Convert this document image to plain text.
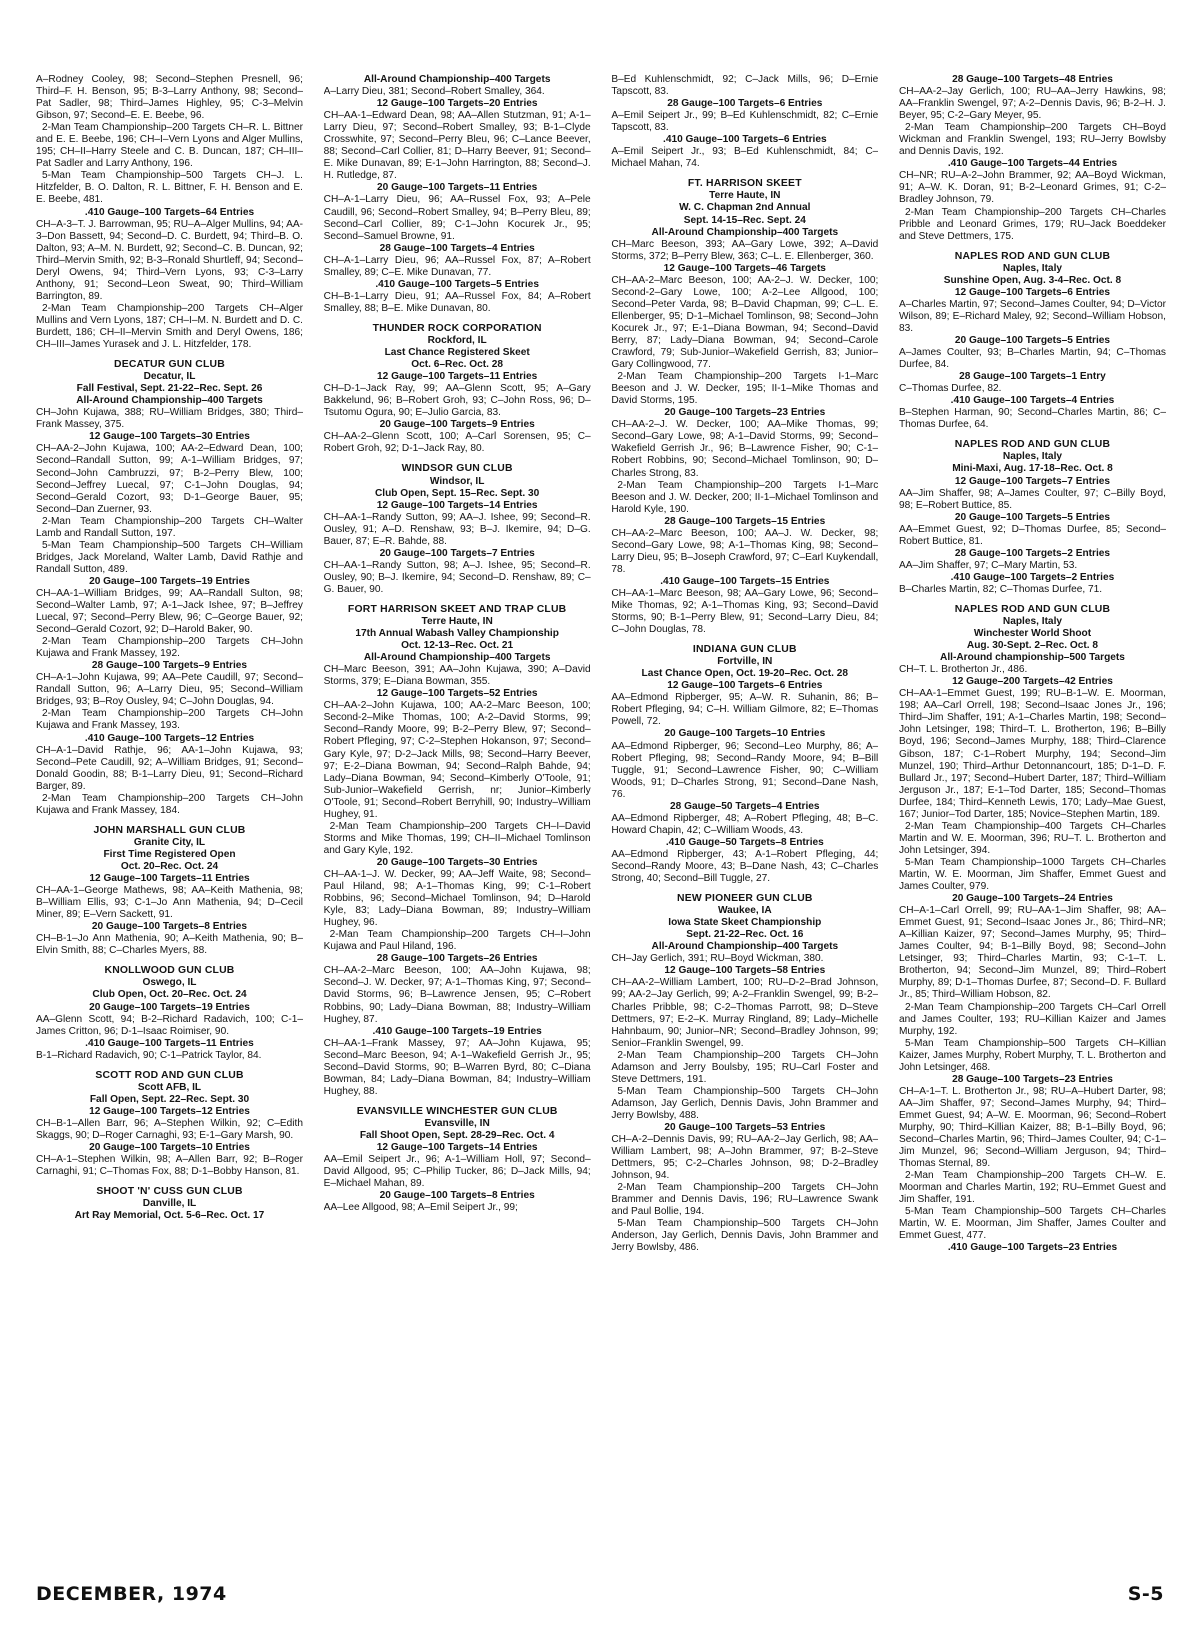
A–Rodney Cooley, 98; Second–Stephen Presnell, 96; Third–F. H. Benson, 95; B-3–Larry Anthony, 98; Second–Pat Sadler, 98; Third–James Highley, 95; C-3–Melvin Gibson, 97; Second–E. E. Beebe, 96.

2-Man Team Championship–200 Targets CH–R. L. Bittner and E. E. Beebe, 196; CH–I–Vern Lyons and Alger Mullins, 195; CH–II–Harry Steele and C. B. Duncan, 187; CH–III–Pat Sadler and Larry Anthony, 196.

5-Man Team Championship–500 Targets CH–J. L. Hitzfelder, B. O. Dalton, R. L. Bittner, F. H. Benson and E. E. Beebe, 481.

.410 Gauge–100 Targets–64 Entries

CH–A-3–T. J. Barrowman, 95; RU–A–Alger Mullins, 94; AA-3–Don Bassett, 94; Second–D. C. Burdett, 94; Third–B. O. Dalton, 93; A–M. N. Burdett, 92; Second–C. B. Duncan, 92; Third–Mervin Smith, 92; B-3–Ronald Shurtleff, 94; Second–Deryl Owens, 94; Third–Vern Lyons, 93; C-3–Larry Anthony, 91; Second–Leon Sweat, 90; Third–William Barrington, 89.

2-Man Team Championship–200 Targets CH–Alger Mullins and Vern Lyons, 187; CH–I–M. N. Burdett and D. C. Burdett, 186; CH–II–Mervin Smith and Deryl Owens, 186; CH–III–James Yurasek and J. L. Hitzfelder, 178.

DECATUR GUN CLUB

Decatur, IL

Fall Festival, Sept. 21-22–Rec. Sept. 26

All-Around Championship–400 Targets

CH–John Kujawa, 388; RU–William Bridges, 380; Third–Frank Massey, 375.

12 Gauge–100 Targets–30 Entries

CH–AA-2–John Kujawa, 100; AA-2–Edward Dean, 100; Second–Randall Sutton, 99; A-1–William Bridges, 97; Second–John Cambruzzi, 97; B-2–Perry Blew, 100; Second–Jeffrey Luecal, 97; C-1–John Douglas, 94; Second–Gerald Cozort, 93; D-1–George Bauer, 95; Second–Dan Zuerner, 93.

2-Man Team Championship–200 Targets CH–Walter Lamb and Randall Sutton, 197.

5-Man Team Championship–500 Targets CH–William Bridges, Jack Moreland, Walter Lamb, David Rathje and Randall Sutton, 489.

20 Gauge–100 Targets–19 Entries

CH–AA-1–William Bridges, 99; AA–Randall Sulton, 98; Second–Walter Lamb, 97; A-1–Jack Ishee, 97; B–Jeffrey Luecal, 97; Second–Perry Blew, 96; C–George Bauer, 92; Second–Gerald Cozort, 92; D–Harold Baker, 90.

2-Man Team Championship–200 Targets CH–John Kujawa and Frank Massey, 192.

28 Gauge–100 Targets–9 Entries

CH–A-1–John Kujawa, 99; AA–Pete Caudill, 97; Second–Randall Sutton, 96; A–Larry Dieu, 95; Second–William Bridges, 93; B–Roy Ousley, 94; C–John Douglas, 94.

2-Man Team Championship–200 Targets CH–John Kujawa and Frank Massey, 193.

.410 Gauge–100 Targets–12 Entries

CH–A-1–David Rathje, 96; AA-1–John Kujawa, 93; Second–Pete Caudill, 92; A–William Bridges, 91; Second–Donald Goodin, 88; B-1–Larry Dieu, 91; Second–Richard Barger, 89.

2-Man Team Championship–200 Targets CH–John Kujawa and Frank Massey, 184.

JOHN MARSHALL GUN CLUB

Granite City, IL

First Time Registered Open

Oct. 20–Rec. Oct. 24

12 Gauge–100 Targets–11 Entries

CH–AA-1–George Mathews, 98; AA–Keith Mathenia, 98; B–William Ellis, 93; C-1–Jo Ann Mathenia, 94; D–Cecil Miner, 89; E–Vern Sackett, 91.

20 Gauge–100 Targets–8 Entries

CH–B-1–Jo Ann Mathenia, 90; A–Keith Mathenia, 90; B–Elvin Smith, 88; C–Charles Myers, 88.

KNOLLWOOD GUN CLUB

Oswego, IL

Club Open, Oct. 20–Rec. Oct. 24

20 Gauge–100 Targets–19 Entries

AA–Glenn Scott, 94; B-2–Richard Radavich, 100; C-1–James Critton, 96; D-1–Isaac Roimiser, 90.

.410 Gauge–100 Targets–11 Entries

B-1–Richard Radavich, 90; C-1–Patrick Taylor, 84.

SCOTT ROD AND GUN CLUB

Scott AFB, IL

Fall Open, Sept. 22–Rec. Sept. 30

12 Gauge–100 Targets–12 Entries

CH–B-1–Allen Barr, 96; A–Stephen Wilkin, 92; C–Edith Skaggs, 90; D–Roger Carnaghi, 93; E-1–Gary Marsh, 90.

20 Gauge–100 Targets–10 Entries

CH–A-1–Stephen Wilkin, 98; A–Allen Barr, 92; B–Roger Carnaghi, 91; C–Thomas Fox, 88; D-1–Bobby Hanson, 81.

SHOOT 'N' CUSS GUN CLUB

Danville, IL

Art Ray Memorial, Oct. 5-6–Rec. Oct. 17

All-Around Championship–400 Targets

A–Larry Dieu, 381; Second–Robert Smalley, 364.

12 Gauge–100 Targets–20 Entries

CH–AA-1–Edward Dean, 98; AA–Allen Stutzman, 91; A-1–Larry Dieu, 97; Second–Robert Smalley, 93; B-1–Clyde Crosswhite, 97; Second–Perry Bleu, 96; C–Lance Beever, 88; Second–Carl Collier, 81; D–Harry Beever, 91; Second–E. Mike Dunavan, 89; E-1–John Harrington, 88; Second–J. H. Rutledge, 87.

20 Gauge–100 Targets–11 Entries

CH–A-1–Larry Dieu, 96; AA–Russel Fox, 93; A–Pele Caudill, 96; Second–Robert Smalley, 94; B–Perry Bleu, 89; Second–Carl Collier, 89; C-1–John Kocurek Jr., 95; Second–Samuel Browne, 91.

28 Gauge–100 Targets–4 Entries

CH–A-1–Larry Dieu, 96; AA–Russel Fox, 87; A–Robert Smalley, 89; C–E. Mike Dunavan, 77.

.410 Gauge–100 Targets–5 Entries

CH–B-1–Larry Dieu, 91; AA–Russel Fox, 84; A–Robert Smalley, 88; B–E. Mike Dunavan, 80.

THUNDER ROCK CORPORATION

Rockford, IL

Last Chance Registered Skeet

Oct. 6–Rec. Oct. 28

12 Gauge–100 Targets–11 Entries

CH–D-1–Jack Ray, 99; AA–Glenn Scott, 95; A–Gary Bakkelund, 96; B–Robert Groh, 93; C–John Ross, 96; D–Tsutomu Ogura, 90; E–Julio Garcia, 83.

20 Gauge–100 Targets–9 Entries

CH–AA-2–Glenn Scott, 100; A–Carl Sorensen, 95; C–Robert Groh, 92; D-1–Jack Ray, 80.

WINDSOR GUN CLUB

Windsor, IL

Club Open, Sept. 15–Rec. Sept. 30

12 Gauge–100 Targets–14 Entries

CH–AA-1–Randy Sutton, 99; AA–J. Ishee, 99; Second–R. Ousley, 91; A–D. Renshaw, 93; B–J. Ikemire, 94; D–G. Bauer, 87; E–R. Bahde, 88.

20 Gauge–100 Targets–7 Entries

CH–AA-1–Randy Sutton, 98; A–J. Ishee, 95; Second–R. Ousley, 90; B–J. Ikemire, 94; Second–D. Renshaw, 89; C–G. Bauer, 90.

FORT HARRISON SKEET AND TRAP CLUB

Terre Haute, IN

17th Annual Wabash Valley Championship

Oct. 12-13–Rec. Oct. 21

All-Around Championship–400 Targets

CH–Marc Beeson, 391; AA–John Kujawa, 390; A–David Storms, 379; E–Diana Bowman, 355.

12 Gauge–100 Targets–52 Entries

CH–AA-2–John Kujawa, 100; AA-2–Marc Beeson, 100; Second-2–Mike Thomas, 100; A-2–David Storms, 99; Second–Randy Moore, 99; B-2–Perry Blew, 97; Second–Robert Pfleging, 97; C-2–Stephen Hokanson, 97; Second–Gary Kyle, 97; D-2–Jack Mills, 98; Second–Harry Beever, 97; E-2–Diana Bowman, 94; Second–Ralph Bahde, 94; Lady–Diana Bowman, 94; Second–Kimberly O'Toole, 91; Sub-Junior–Wakefield Gerrish, nr; Junior–Kimberly O'Toole, 91; Second–Robert Berryhill, 90; Industry–William Hughey, 91.

2-Man Team Championship–200 Targets CH–I–David Storms and Mike Thomas, 199; CH–II–Michael Tomlinson and Gary Kyle, 192.

20 Gauge–100 Targets–30 Entries

CH–AA-1–J. W. Decker, 99; AA–Jeff Waite, 98; Second–Paul Hiland, 98; A-1–Thomas King, 99; C-1–Robert Robbins, 96; Second–Michael Tomlinson, 94; D–Harold Kyle, 83; Lady–Diana Bowman, 89; Industry–William Hughey, 96.

2-Man Team Championship–200 Targets CH–I–John Kujawa and Paul Hiland, 196.

28 Gauge–100 Targets–26 Entries

CH–AA-2–Marc Beeson, 100; AA–John Kujawa, 98; Second–J. W. Decker, 97; A-1–Thomas King, 97; Second–David Storms, 96; B–Lawrence Jensen, 95; C–Robert Robbins, 90; Lady–Diana Bowman, 88; Industry–William Hughey, 87.

.410 Gauge–100 Targets–19 Entries

CH–AA-1–Frank Massey, 97; AA–John Kujawa, 95; Second–Marc Beeson, 94; A-1–Wakefield Gerrish Jr., 95; Second–David Storms, 90; B–Warren Byrd, 80; C–Diana Bowman, 84; Lady–Diana Bowman, 84; Industry–William Hughey, 88.

EVANSVILLE WINCHESTER GUN CLUB

Evansville, IN

Fall Shoot Open, Sept. 28-29–Rec. Oct. 4

12 Gauge–100 Targets–14 Entries

AA–Emil Seipert Jr., 96; A-1–William Holl, 97; Second–David Allgood, 95; C–Philip Tucker, 86; D–Jack Mills, 94; E–Michael Mahan, 89.

20 Gauge–100 Targets–8 Entries

AA–Lee Allgood, 98; A–Emil Seipert Jr., 99;

B–Ed Kuhlenschmidt, 92; C–Jack Mills, 96; D–Ernie Tapscott, 83.

28 Gauge–100 Targets–6 Entries

A–Emil Seipert Jr., 99; B–Ed Kuhlenschmidt, 82; C–Ernie Tapscott, 83.

.410 Gauge–100 Targets–6 Entries

A–Emil Seipert Jr., 93; B–Ed Kuhlenschmidt, 84; C–Michael Mahan, 74.

FT. HARRISON SKEET

Terre Haute, IN

W. C. Chapman 2nd Annual

Sept. 14-15–Rec. Sept. 24

All-Around Championship–400 Targets

CH–Marc Beeson, 393; AA–Gary Lowe, 392; A–David Storms, 372; B–Perry Blew, 363; C–L. E. Ellenberger, 360.

12 Gauge–100 Targets–46 Targets

CH–AA-2–Marc Beeson, 100; AA-2–J. W. Decker, 100; Second-2–Gary Lowe, 100; A-2–Lee Allgood, 100; Second–Peter Varda, 98; B–David Chapman, 99; C–L. E. Ellenberger, 95; D-1–Michael Tomlinson, 98; Second–John Kocurek Jr., 97; E-1–Diana Bowman, 94; Second–David Berry, 87; Lady–Diana Bowman, 94; Second–Carole Crawford, 79; Sub-Junior–Wakefield Gerrish, 83; Junior–Gary Collingwood, 77.

2-Man Team Championship–200 Targets I-1–Marc Beeson and J. W. Decker, 195; II-1–Mike Thomas and David Storms, 195.

20 Gauge–100 Targets–23 Entries

CH–AA-2–J. W. Decker, 100; AA–Mike Thomas, 99; Second–Gary Lowe, 98; A-1–David Storms, 99; Second–Wakefield Gerrish Jr., 96; B–Lawrence Fisher, 90; C-1–Robert Robbins, 90; Second–Michael Tomlinson, 90; D–Charles Strong, 83.

2-Man Team Championship–200 Targets I-1–Marc Beeson and J. W. Decker, 200; II-1–Michael Tomlinson and Harold Kyle, 190.

28 Gauge–100 Targets–15 Entries

CH–AA-2–Marc Beeson, 100; AA–J. W. Decker, 98; Second–Gary Lowe, 98; A-1–Thomas King, 98; Second–Larry Dieu, 95; B–Joseph Crawford, 97; C–Earl Kuykendall, 78.

.410 Gauge–100 Targets–15 Entries

CH–AA-1–Marc Beeson, 98; AA–Gary Lowe, 96; Second–Mike Thomas, 92; A-1–Thomas King, 93; Second–David Storms, 90; B-1–Perry Blew, 91; Second–Larry Dieu, 84; C–John Douglas, 78.

INDIANA GUN CLUB

Fortville, IN

Last Chance Open, Oct. 19-20–Rec. Oct. 28

12 Gauge–100 Targets–6 Entries

AA–Edmond Ripberger, 95; A–W. R. Suhanin, 86; B–Robert Pfleging, 94; C–H. William Gilmore, 82; E–Thomas Powell, 72.

20 Gauge–100 Targets–10 Entries

AA–Edmond Ripberger, 96; Second–Leo Murphy, 86; A–Robert Pfleging, 98; Second–Randy Moore, 94; B–Bill Tuggle, 91; Second–Lawrence Fisher, 90; C–William Woods, 91; D–Charles Strong, 91; Second–Dane Nash, 76.

28 Gauge–50 Targets–4 Entries

AA–Edmond Ripberger, 48; A–Robert Pfleging, 48; B–C. Howard Chapin, 42; C–William Woods, 43.

.410 Gauge–50 Targets–8 Entries

AA–Edmond Ripberger, 43; A-1–Robert Pfleging, 44; Second–Randy Moore, 43; B–Dane Nash, 43; C–Charles Strong, 40; Second–Bill Tuggle, 27.

NEW PIONEER GUN CLUB

Waukee, IA

Iowa State Skeet Championship

Sept. 21-22–Rec. Oct. 16

All-Around Championship–400 Targets

CH–Jay Gerlich, 391; RU–Boyd Wickman, 380.

12 Gauge–100 Targets–58 Entries

CH–AA-2–William Lambert, 100; RU–D-2–Brad Johnson, 99; AA-2–Jay Gerlich, 99; A-2–Franklin Swengel, 99; B-2–Charles Pribble, 98; C-2–Thomas Parrott, 98; D–Steve Dettmers, 97; E-2–K. Murray Ringland, 89; Lady–Michelle Hahnbaum, 90; Junior–NR; Second–Bradley Johnson, 99; Senior–Franklin Swengel, 99.

2-Man Team Championship–200 Targets CH–John Adamson and Jerry Boulsby, 195; RU–Carl Foster and Steve Dettmers, 191.

5-Man Team Championship–500 Targets CH–John Adamson, Jay Gerlich, Dennis Davis, John Brammer and Jerry Bowlsby, 488.

20 Gauge–100 Targets–53 Entries

CH–A-2–Dennis Davis, 99; RU–AA-2–Jay Gerlich, 98; AA–William Lambert, 98; A–John Brammer, 97; B-2–Steve Dettmers, 95; C-2–Charles Johnson, 98; D-2–Bradley Johnson, 94.

2-Man Team Championship–200 Targets CH–John Brammer and Dennis Davis, 196; RU–Lawrence Swank and Paul Bollie, 194.

5-Man Team Championship–500 Targets CH–John Anderson, Jay Gerlich, Dennis Davis, John Brammer and Jerry Bowlsby, 486.

28 Gauge–100 Targets–48 Entries

CH–AA-2–Jay Gerlich, 100; RU–AA–Jerry Hawkins, 98; AA–Franklin Swengel, 97; A-2–Dennis Davis, 96; B-2–H. J. Beyer, 95; C-2–Gary Meyer, 95.

2-Man Team Championship–200 Targets CH–Boyd Wickman and Franklin Swengel, 193; RU–Jerry Bowlsby and Dennis Davis, 192.

.410 Gauge–100 Targets–44 Entries

CH–NR; RU–A-2–John Brammer, 92; AA–Boyd Wickman, 91; A–W. K. Doran, 91; B-2–Leonard Grimes, 91; C-2–Bradley Johnson, 79.

2-Man Team Championship–200 Targets CH–Charles Pribble and Leonard Grimes, 179; RU–Jack Boeddeker and Steve Dettmers, 175.

NAPLES ROD AND GUN CLUB

Naples, Italy

Sunshine Open, Aug. 3-4–Rec. Oct. 8

12 Gauge–100 Targets–6 Entries

A–Charles Martin, 97; Second–James Coulter, 94; D–Victor Wilson, 89; E–Richard Maley, 92; Second–William Hobson, 83.

20 Gauge–100 Targets–5 Entries

A–James Coulter, 93; B–Charles Martin, 94; C–Thomas Durfee, 84.

28 Gauge–100 Targets–1 Entry

C–Thomas Durfee, 82.

.410 Gauge–100 Targets–4 Entries

B–Stephen Harman, 90; Second–Charles Martin, 86; C–Thomas Durfee, 64.

NAPLES ROD AND GUN CLUB

Naples, Italy

Mini-Maxi, Aug. 17-18–Rec. Oct. 8

12 Gauge–100 Targets–7 Entries

AA–Jim Shaffer, 98; A–James Coulter, 97; C–Billy Boyd, 98; E–Robert Buttice, 85.

20 Gauge–100 Targets–5 Entries

AA–Emmet Guest, 92; D–Thomas Durfee, 85; Second–Robert Buttice, 81.

28 Gauge–100 Targets–2 Entries

AA–Jim Shaffer, 97; C–Mary Martin, 53.

.410 Gauge–100 Targets–2 Entries

B–Charles Martin, 82; C–Thomas Durfee, 71.

NAPLES ROD AND GUN CLUB

Naples, Italy

Winchester World Shoot

Aug. 30-Sept. 2–Rec. Oct. 8

All-Around championship–500 Targets

CH–T. L. Brotherton Jr., 486.

12 Gauge–200 Targets–42 Entries

CH–AA-1–Emmet Guest, 199; RU–B-1–W. E. Moorman, 198; AA–Carl Orrell, 198; Second–Isaac Jones Jr., 196; Third–Jim Shaffer, 191; A-1–Charles Martin, 198; Second–John Letsinger, 198; Third–T. L. Brotherton, 196; B–Billy Boyd, 196; Second–James Murphy, 188; Third–Clarence Gibson, 187; C-1–Robert Murphy, 194; Second–Jim Munzel, 190; Third–Arthur Detonnancourt, 185; D-1–D. F. Bullard Jr., 197; Second–Hubert Darter, 187; Third–William Jerguson Jr., 187; E-1–Tod Darter, 185; Second–Thomas Durfee, 184; Third–Kenneth Lewis, 170; Lady–Mae Guest, 167; Junior–Tod Darter, 185; Novice–Stephen Martin, 189.

2-Man Team Championship–400 Targets CH–Charles Martin and W. E. Moorman, 396; RU–T. L. Brotherton and John Letsinger, 394.

5-Man Team Championship–1000 Targets CH–Charles Martin, W. E. Moorman, Jim Shaffer, Emmet Guest and James Coulter, 979.

20 Gauge–100 Targets–24 Entries

CH–A-1–Carl Orrell, 99; RU–AA-1–Jim Shaffer, 98; AA–Emmet Guest, 91; Second–Isaac Jones Jr., 86; Third–NR; A–Killian Kaizer, 97; Second–James Murphy, 95; Third–James Coulter, 94; B-1–Billy Boyd, 98; Second–John Letsinger, 93; Third–Charles Martin, 93; C-1–T. L. Brotherton, 94; Second–Jim Munzel, 89; Third–Robert Murphy, 89; D-1–Thomas Durfee, 87; Second–D. F. Bullard Jr., 85; Third–William Hobson, 82.

2-Man Team Championship–200 Targets CH–Carl Orrell and James Coulter, 193; RU–Killian Kaizer and James Murphy, 192.

5-Man Team Championship–500 Targets CH–Killian Kaizer, James Murphy, Robert Murphy, T. L. Brotherton and John Letsinger, 468.

28 Gauge–100 Targets–23 Entries

CH–A-1–T. L. Brotherton Jr., 98; RU–A–Hubert Darter, 98; AA–Jim Shaffer, 97; Second–James Murphy, 94; Third–Emmet Guest, 94; A–W. E. Moorman, 96; Second–Robert Murphy, 90; Third–Killian Kaizer, 88; B-1–Billy Boyd, 96; Second–Charles Martin, 96; Third–James Coulter, 94; C-1–Jim Munzel, 96; Second–William Jerguson, 94; Third–Thomas Sternal, 89.

2-Man Team Championship–200 Targets CH–W. E. Moorman and Charles Martin, 192; RU–Emmet Guest and Jim Shaffer, 191.

5-Man Team Championship–500 Targets CH–Charles Martin, W. E. Moorman, Jim Shaffer, James Coulter and Emmet Guest, 477.

.410 Gauge–100 Targets–23 Entries

DECEMBER, 1974	S-5
